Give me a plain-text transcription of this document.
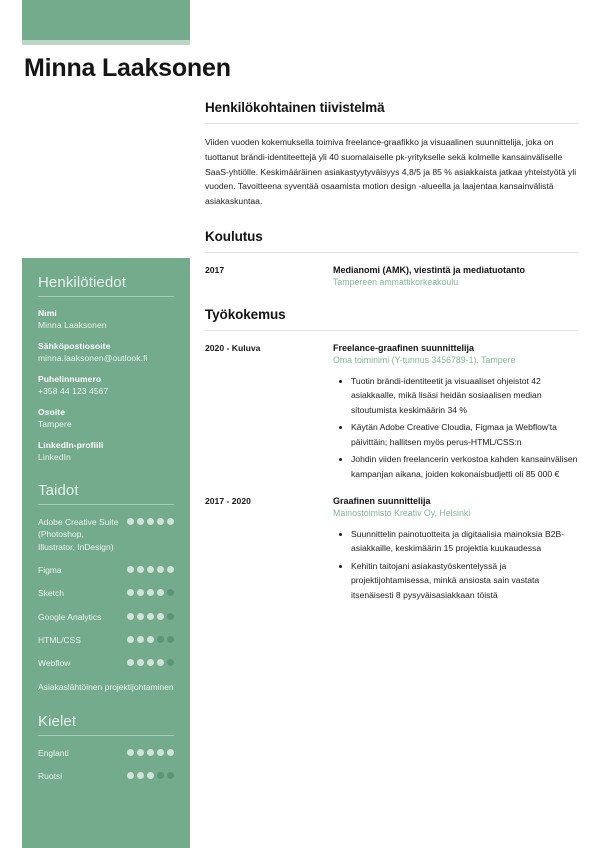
Minna Laaksonen
Henkilötiedot
Nimi
Minna Laaksonen
Sähköpostiosoite
minna.laaksonen@outlook.fi
Puhelinnumero
+358 44 123 4567
Osoite
Tampere
LinkedIn-profiili
LinkedIn
Taidot
Adobe Creative Suite (Photoshop, Illustrator, InDesign)
Figma
Sketch
Google Analytics
HTML/CSS
Webflow
Asiakaslähtöinen projektijohtaminen
Kielet
Englanti
Ruotsi
Henkilökohtainen tiivistelmä

Viiden vuoden kokemuksella toimiva freelance-graafikko ja visuaalinen suunnittelija, joka on tuottanut brändi-identiteettejä yli 40 suomalaiselle pk-yritykselle sekä kolmelle kansainväliselle SaaS-yhtiölle. Keskimääräinen asiakastyytyväisyys 4,8/5 ja 85 % asiakkaista jatkaa yhteistyötä yli vuoden. Tavoitteena syventää osaamista motion design -alueella ja laajentaa kansainvälistä asiakaskuntaa.

Koulutus
2017	Medianomi (AMK), viestintä ja mediatuotanto
Tampereen ammattikorkeakoulu
Työkokemus
2020 - Kuluva	Freelance-graafinen suunnittelija
Oma toiminimi (Y-tunnus 3456789-1), Tampere
• Tuotin brändi-identiteetit ja visuaaliset ohjeistot 42 asiakkaalle, mikä lisäsi heidän sosiaalisen median sitoutumista keskimäärin 34 %
• Käytän Adobe Creative Cloudia, Figmaa ja Webflow'ta päivittäin; hallitsen myös perus-HTML/CSS:n
• Johdin viiden freelancerin verkostoa kahden kansainvälisen kampanjan aikana, joiden kokonaisbudjetti oli 85 000 €
2017 - 2020	Graafinen suunnittelija
Mainostoimisto Kreativ Oy, Helsinki
• Suunnittelin painotuotteita ja digitaalisia mainoksia B2B-asiakkaille, keskimäärin 15 projektia kuukaudessa
• Kehitin taitojani asiakastyöskentelyssä ja projektijohtamisessa, minkä ansiosta sain vastata itsenäisesti 8 pysyväisasiakkaan töistä
